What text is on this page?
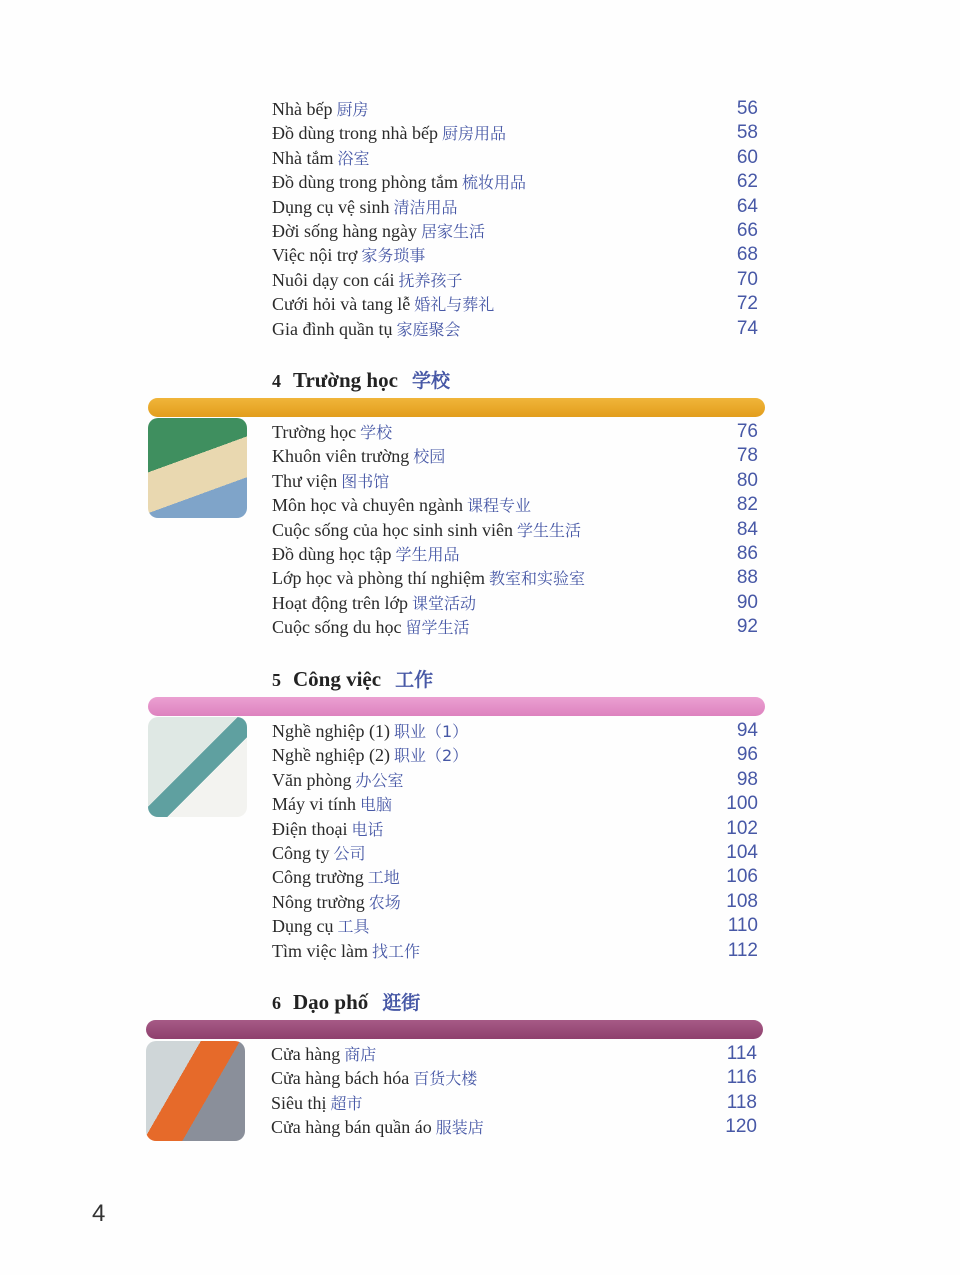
Nhà bếp 厨房	56
Đồ dùng trong nhà bếp 厨房用品	58
Nhà tắm 浴室	60
Đồ dùng trong phòng tắm 梳妆用品	62
Dụng cụ vệ sinh 清洁用品	64
Đời sống hàng ngày 居家生活	66
Việc nội trợ 家务琐事	68
Nuôi dạy con cái 抚养孩子	70
Cưới hỏi và tang lễ 婚礼与葬礼	72
Gia đình quần tụ 家庭聚会	74
4 Trường học 学校
Trường học 学校	76
Khuôn viên trường 校园	78
Thư viện 图书馆	80
Môn học và chuyên ngành 课程专业	82
Cuộc sống của học sinh sinh viên 学生生活	84
Đồ dùng học tập 学生用品	86
Lớp học và phòng thí nghiệm 教室和实验室	88
Hoạt động trên lớp 课堂活动	90
Cuộc sống du học 留学生活	92
5 Công việc 工作
Nghề nghiệp (1) 职业（1）	94
Nghề nghiệp (2) 职业（2）	96
Văn phòng 办公室	98
Máy vi tính 电脑	100
Điện thoại 电话	102
Công ty 公司	104
Công trường 工地	106
Nông trường 农场	108
Dụng cụ 工具	110
Tìm việc làm 找工作	112
6 Dạo phố 逛街
Cửa hàng 商店	114
Cửa hàng bách hóa 百货大楼	116
Siêu thị 超市	118
Cửa hàng bán quần áo 服装店	120
4
